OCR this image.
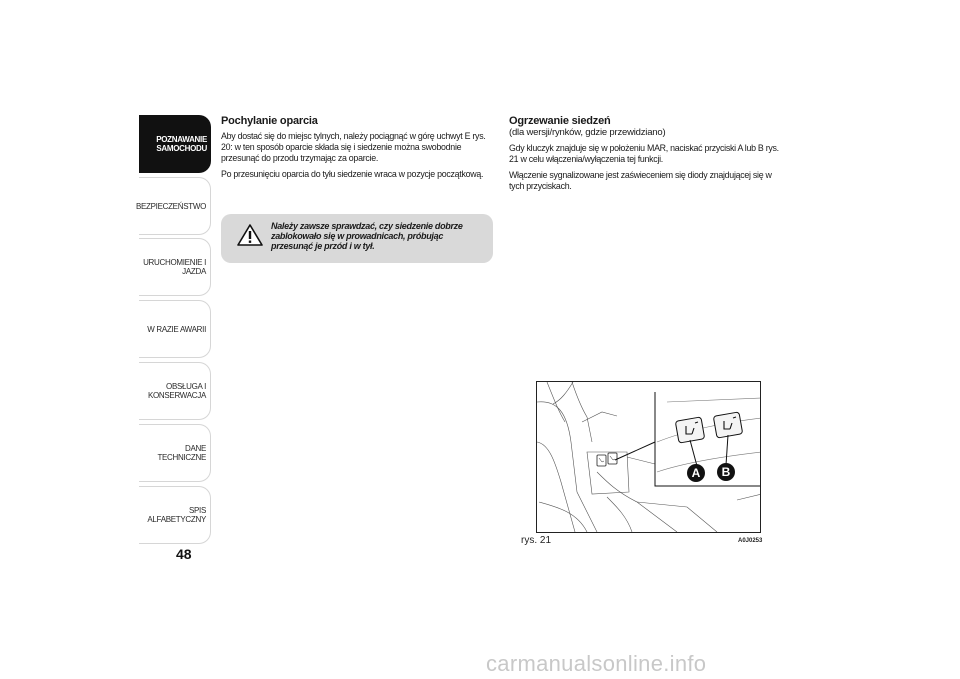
POZNAWANIE
SAMOCHODU
BEZPIECZEŃSTWO
URUCHOMIENIE I
JAZDA
W RAZIE AWARII
OBSŁUGA I
KONSERWACJA
DANE TECHNICZNE
SPIS ALFABETYCZNY
48
Pochylanie oparcia

Aby dostać się do miejsc tylnych, należy pociągnąć w górę uchwyt E rys. 20: w ten sposób oparcie składa się i siedzenie można swobodnie przesunąć do przodu trzymając za oparcie.

Po przesunięciu oparcia do tyłu siedzenie wraca w pozycje początkową.

Należy zawsze sprawdzać, czy siedzenie dobrze zablokowało się w prowadnicach, próbując przesunąć je przód i w tył.
Ogrzewanie siedzeń

(dla wersji/rynków, gdzie przewidziano)

Gdy kluczyk znajduje się w położeniu MAR, naciskać przyciski A lub B rys. 21 w celu włączenia/wyłączenia tej funkcji.

Włączenie sygnalizowane jest zaświeceniem się diody znajdującej się w tych przyciskach.

A B
rys. 21	A0J0253
carmanualsonline.info
